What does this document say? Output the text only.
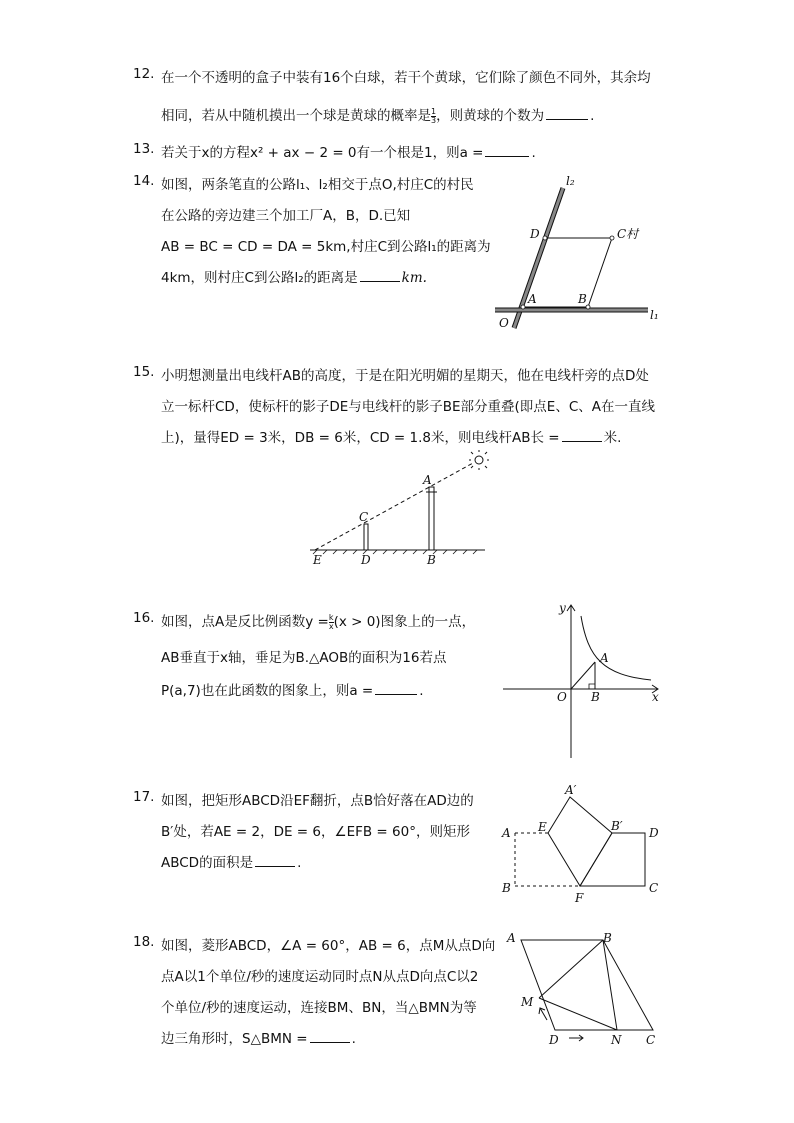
12. 在一个不透明的盒子中装有16个白球，若干个黄球，它们除了颜色不同外，其余均
相同，若从中随机摸出一个球是黄球的概率是 $\frac{1}{3}$ ，则黄球的个数为	.
13. 若关于x的方程x² + ax − 2 = 0有一个根是1，则a =	.
14. 如图，两条笔直的公路l₁、l₂相交于点O,村庄C的村民
在公路的旁边建三个加工厂A，B，D.已知
AB = BC = CD = DA = 5km,村庄C到公路l₁的距离为
4km，则村庄C到公路l₂的距离是	km.
l₂
l₁
D	C村
A	B
O
15. 小明想测量出电线杆AB的高度，于是在阳光明媚的星期天，他在电线杆旁的点D处
立一标杆CD，使标杆的影子DE与电线杆的影子BE部分重叠(即点E、C、A在一直线
上)，量得ED = 3米，DB = 6米，CD = 1.8米，则电线杆AB长 =	米.
A
C
E	D	B
16. 如图，点A是反比例函数$y = \frac{k}{x} (x > 0)$图象上的一点，
AB垂直于x轴，垂足为B.△AOB的面积为16若点
P(a,7)也在此函数的图象上，则a =	.
A
O B
y
x
17. 如图，把矩形ABCD沿EF翻折，点B恰好落在AD边的
B′处，若AE = 2，DE = 6，∠EFB = 60°，则矩形
ABCD的面积是	.
A′
A E	B′ D
B
F
C
18. 如图，菱形ABCD，∠A = 60°，AB = 6，点M从点D向
点A以1个单位/秒的速度运动同时点N从点D向点C以2
个单位/秒的速度运动，连接BM、BN，当△BMN为等
边三角形时，S△BMN =	.
A	B
M
D	N C
